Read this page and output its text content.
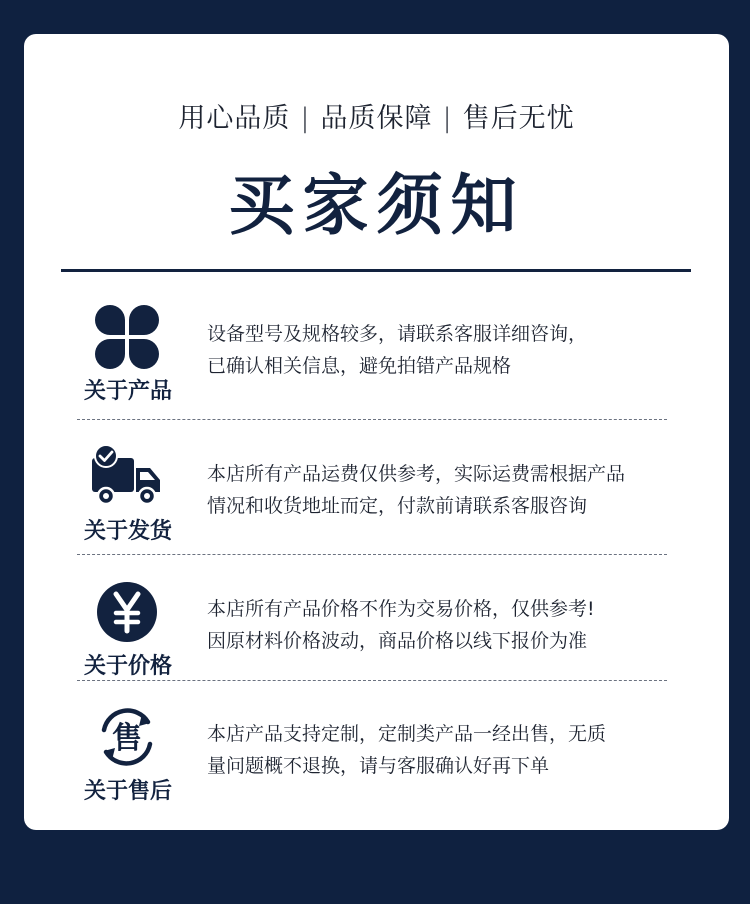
用心品质 | 品质保障 | 售后无忧
买家须知
关于产品
设备型号及规格较多，请联系客服详细咨询，
已确认相关信息，避免拍错产品规格
关于发货
本店所有产品运费仅供参考，实际运费需根据产品
情况和收货地址而定，付款前请联系客服咨询
关于价格
本店所有产品价格不作为交易价格，仅供参考!
因原材料价格波动，商品价格以线下报价为准
售
关于售后
本店产品支持定制，定制类产品一经出售，无质
量问题概不退换，请与客服确认好再下单
